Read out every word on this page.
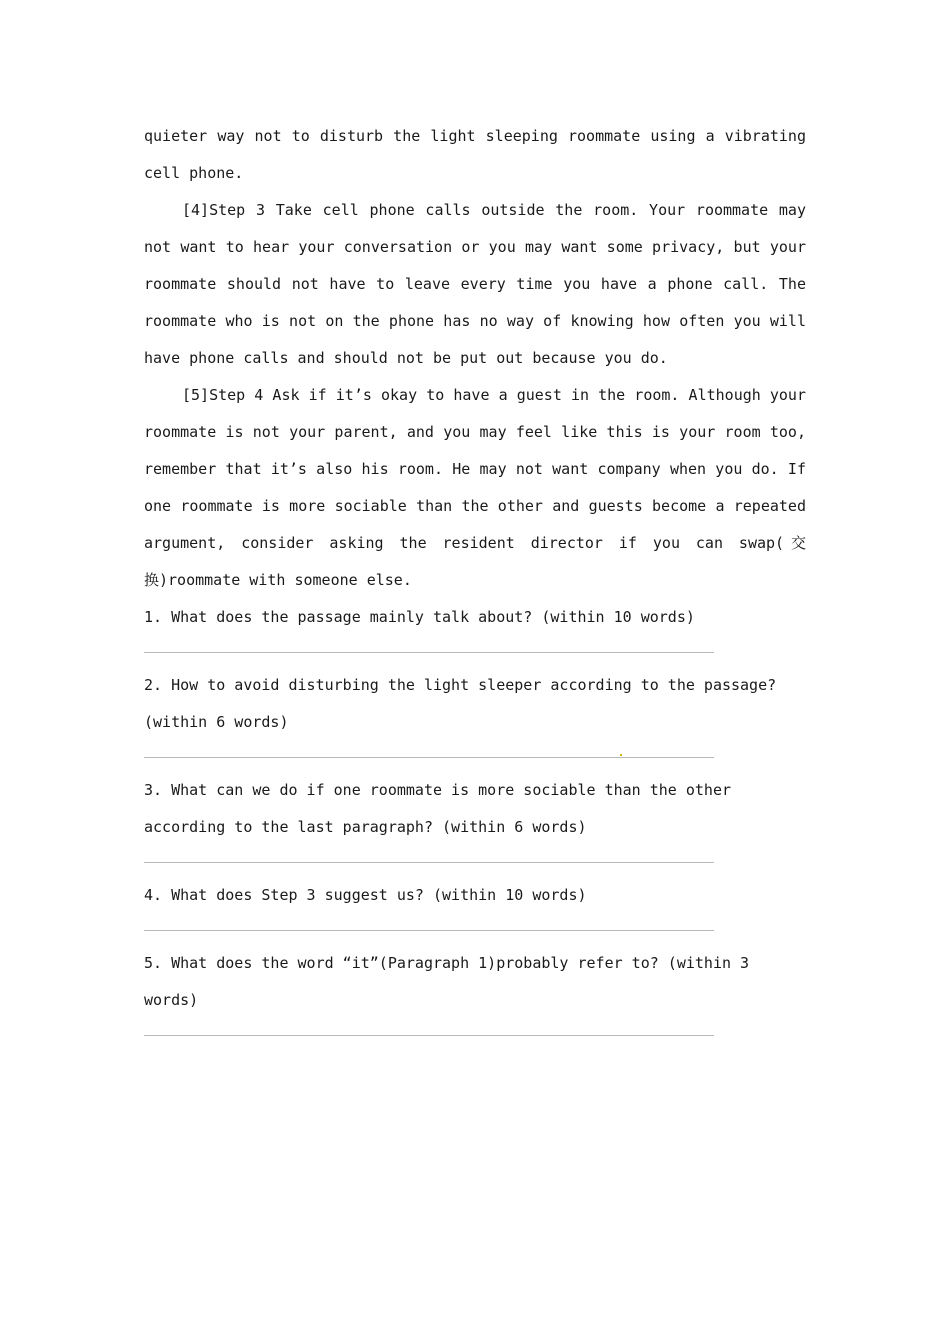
quieter way not to disturb the light sleeping roommate using a vibrating cell phone.

[4]Step 3 Take cell phone calls outside the room. Your roommate may not want to hear your conversation or you may want some privacy, but your roommate should not have to leave every time you have a phone call. The roommate who is not on the phone has no way of knowing how often you will have phone calls and should not be put out because you do.

[5]Step 4 Ask if it’s okay to have a guest in the room. Although your roommate is not your parent, and you may feel like this is your room too, remember that it’s also his room. He may not want company when you do. If one roommate is more sociable than the other and guests become a repeated argument, consider asking the resident director if you can swap(交换)roommate with someone else.

1. What does the passage mainly talk about? (within 10 words)

2. How to avoid disturbing the light sleeper according to the passage? (within 6 words)

3. What can we do if one roommate is more sociable than the other according to the last paragraph? (within 6 words)

4. What does Step 3 suggest us? (within 10 words)

5. What does the word “it”(Paragraph 1)probably refer to? (within 3 words)
